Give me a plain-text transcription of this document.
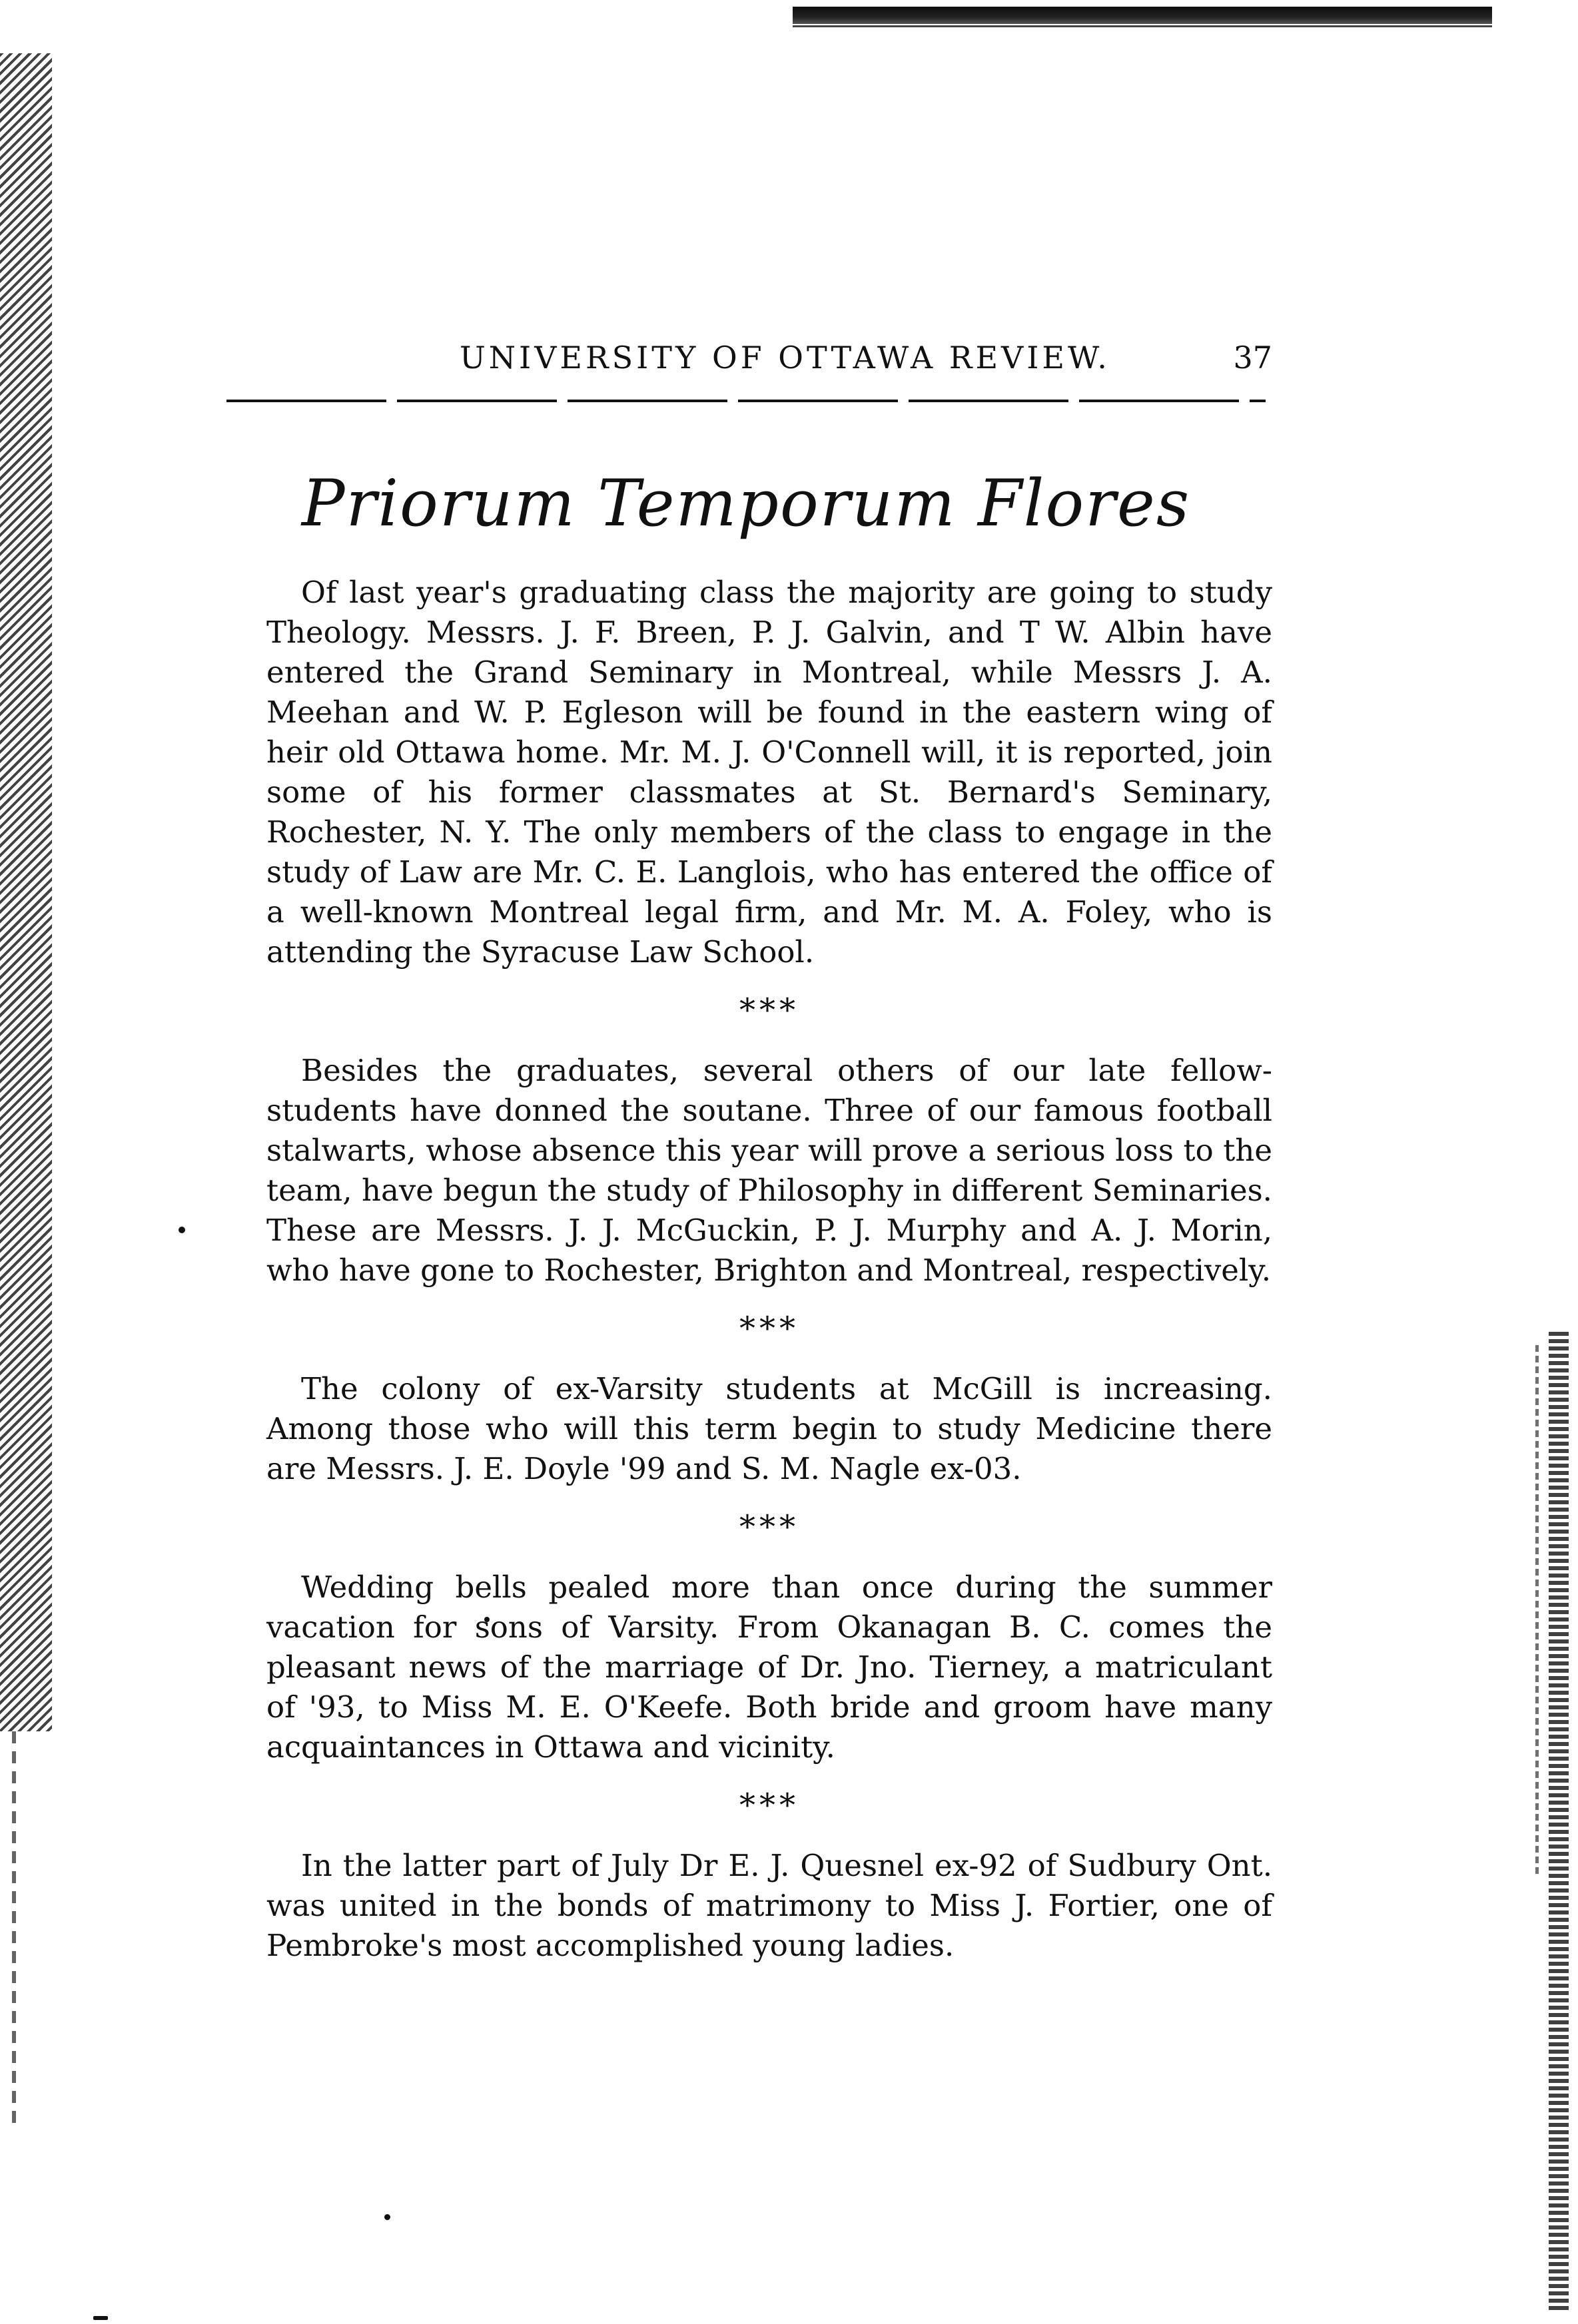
UNIVERSITY OF OTTAWA REVIEW.	37
Priorum Temporum Flores

Of last year's graduating class the majority are going to study Theology. Messrs. J. F. Breen, P. J. Galvin, and T W. Albin have entered the Grand Seminary in Montreal, while Messrs J. A. Meehan and W. P. Egleson will be found in the eastern wing of heir old Ottawa home. Mr. M. J. O'Connell will, it is reported, join some of his former classmates at St. Bernard's Seminary, Rochester, N. Y. The only members of the class to engage in the study of Law are Mr. C. E. Langlois, who has entered the office of a well-known Montreal legal firm, and Mr. M. A. Foley, who is attending the Syracuse Law School.

⁎⁎⁎

Besides the graduates, several others of our late fellow-students have donned the soutane. Three of our famous football stalwarts, whose absence this year will prove a serious loss to the team, have begun the study of Philosophy in different Seminaries. These are Messrs. J. J. McGuckin, P. J. Murphy and A. J. Morin, who have gone to Rochester, Brighton and Montreal, respectively.

⁎⁎⁎

The colony of ex-Varsity students at McGill is increasing. Among those who will this term begin to study Medicine there are Messrs. J. E. Doyle '99 and S. M. Nagle ex-03.

⁎⁎⁎

Wedding bells pealed more than once during the summer vacation for sons of Varsity. From Okanagan B. C. comes the pleasant news of the marriage of Dr. Jno. Tierney, a matriculant of '93, to Miss M. E. O'Keefe. Both bride and groom have many acquaintances in Ottawa and vicinity.

⁎⁎⁎

In the latter part of July Dr E. J. Quesnel ex-92 of Sudbury Ont. was united in the bonds of matrimony to Miss J. Fortier, one of Pembroke's most accomplished young ladies.
